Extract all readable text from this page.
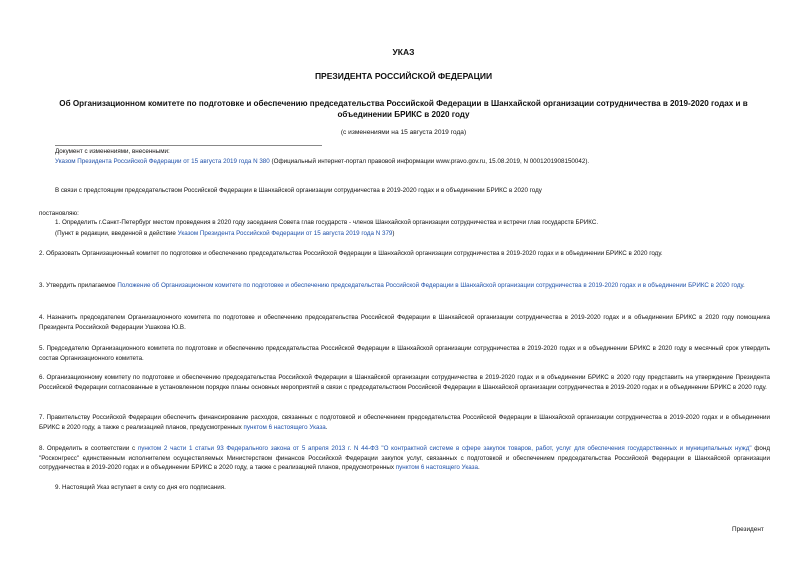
УКАЗ
ПРЕЗИДЕНТА РОССИЙСКОЙ ФЕДЕРАЦИИ
Об Организационном комитете по подготовке и обеспечению председательства Российской Федерации в Шанхайской организации сотрудничества в 2019-2020 годах и в объединении БРИКС в 2020 году
(с изменениями на 15 августа 2019 года)
Документ с изменениями, внесенными:
Указом Президента Российской Федерации от 15 августа 2019 года N 380 (Официальный интернет-портал правовой информации www.pravo.gov.ru, 15.08.2019, N 0001201908150042).
В связи с предстоящим председательством Российской Федерации в Шанхайской организации сотрудничества в 2019-2020 годах и в объединении БРИКС в 2020 году
постановляю:
1. Определить г.Санкт-Петербург местом проведения в 2020 году заседания Совета глав государств - членов Шанхайской организации сотрудничества и встречи глав государств БРИКС.
(Пункт в редакции, введенной в действие Указом Президента Российской Федерации от 15 августа 2019 года N 379)
2. Образовать Организационный комитет по подготовке и обеспечению председательства Российской Федерации в Шанхайской организации сотрудничества в 2019-2020 годах и в объединении БРИКС в 2020 году.
3. Утвердить прилагаемое Положение об Организационном комитете по подготовке и обеспечению председательства Российской Федерации в Шанхайской организации сотрудничества в 2019-2020 годах и в объединении БРИКС в 2020 году.
4. Назначить председателем Организационного комитета по подготовке и обеспечению председательства Российской Федерации в Шанхайской организации сотрудничества в 2019-2020 годах и в объединении БРИКС в 2020 году помощника Президента Российской Федерации Ушакова Ю.В.
5. Председателю Организационного комитета по подготовке и обеспечению председательства Российской Федерации в Шанхайской организации сотрудничества в 2019-2020 годах и в объединении БРИКС в 2020 году в месячный срок утвердить состав Организационного комитета.
6. Организационному комитету по подготовке и обеспечению председательства Российской Федерации в Шанхайской организации сотрудничества в 2019-2020 годах и в объединении БРИКС в 2020 году представить на утверждение Президента Российской Федерации согласованные в установленном порядке планы основных мероприятий в связи с председательством Российской Федерации в Шанхайской организации сотрудничества в 2019-2020 годах и в объединении БРИКС в 2020 году.
7. Правительству Российской Федерации обеспечить финансирование расходов, связанных с подготовкой и обеспечением председательства Российской Федерации в Шанхайской организации сотрудничества в 2019-2020 годах и в объединении БРИКС в 2020 году, а также с реализацией планов, предусмотренных пунктом 6 настоящего Указа.
8. Определить в соответствии с пунктом 2 части 1 статьи 93 Федерального закона от 5 апреля 2013 г. N 44-ФЗ "О контрактной системе в сфере закупок товаров, работ, услуг для обеспечения государственных и муниципальных нужд" фонд "Росконгресс" единственным исполнителем осуществляемых Министерством финансов Российской Федерации закупок услуг, связанных с подготовкой и обеспечением председательства Российской Федерации в Шанхайской организации сотрудничества в 2019-2020 годах и в объединении БРИКС в 2020 году, а также с реализацией планов, предусмотренных пунктом 6 настоящего Указа.
9. Настоящий Указ вступает в силу со дня его подписания.
Президент
